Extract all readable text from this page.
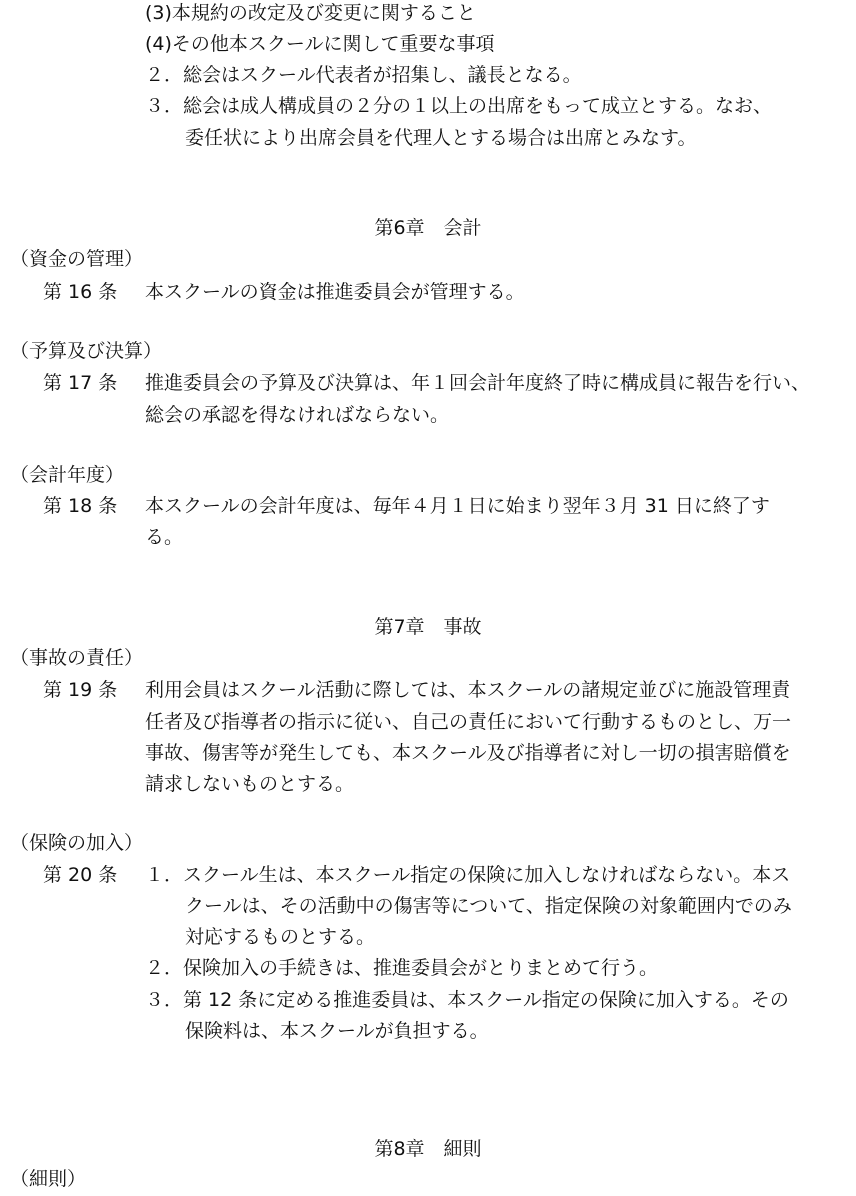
(3)本規約の改定及び変更に関すること
(4)その他本スクールに関して重要な事項
２．総会はスクール代表者が招集し、議長となる。
３．総会は成人構成員の２分の１以上の出席をもって成立とする。なお、
委任状により出席会員を代理人とする場合は出席とみなす。
第6章　会計
（資金の管理）
第 16 条 本スクールの資金は推進委員会が管理する。
（予算及び決算）
第 17 条 推進委員会の予算及び決算は、年１回会計年度終了時に構成員に報告を行い、
総会の承認を得なければならない。
（会計年度）
第 18 条 本スクールの会計年度は、毎年４月１日に始まり翌年３月 31 日に終了す
る。
第7章　事故
（事故の責任）
第 19 条 利用会員はスクール活動に際しては、本スクールの諸規定並びに施設管理責
任者及び指導者の指示に従い、自己の責任において行動するものとし、万一
事故、傷害等が発生しても、本スクール及び指導者に対し一切の損害賠償を
請求しないものとする。
（保険の加入）
第 20 条 １．スクール生は、本スクール指定の保険に加入しなければならない。本ス
クールは、その活動中の傷害等について、指定保険の対象範囲内でのみ
対応するものとする。
２．保険加入の手続きは、推進委員会がとりまとめて行う。
３．第 12 条に定める推進委員は、本スクール指定の保険に加入する。その
保険料は、本スクールが負担する。
第8章　細則
（細則）
